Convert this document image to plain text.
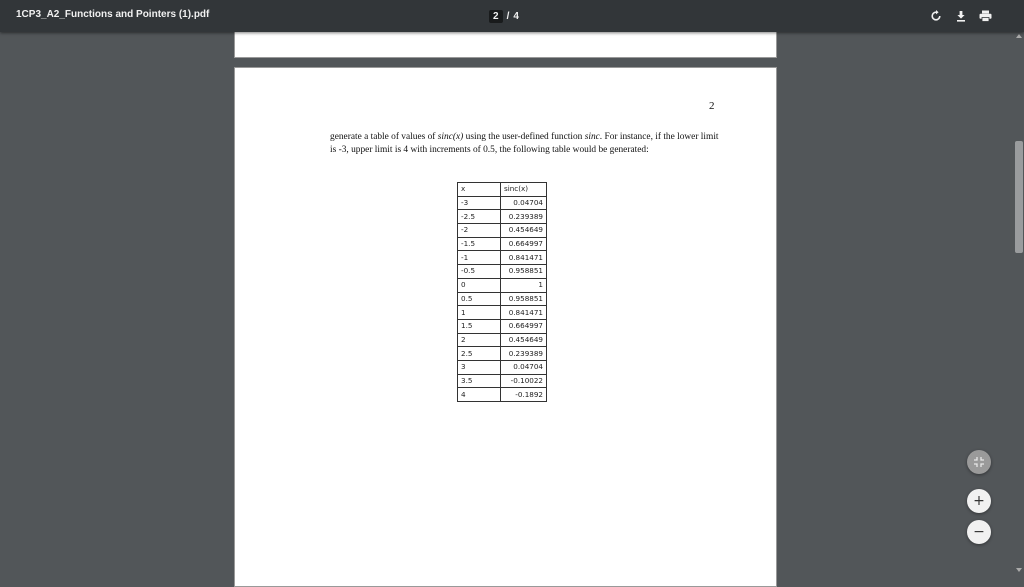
1CP3_A2_Functions and Pointers (1).pdf	2 / 4
2
generate a table of values of sinc(x) using the user-defined function sinc. For instance, if the lower limit is -3, upper limit is 4 with increments of 0.5, the following table would be generated:
x	sinc(x)
-3	0.04704
-2.5	0.239389
-2	0.454649
-1.5	0.664997
-1	0.841471
-0.5	0.958851
0	1
0.5	0.958851
1	0.841471
1.5	0.664997
2	0.454649
2.5	0.239389
3	0.04704
3.5	-0.10022
4	-0.1892
+
−
